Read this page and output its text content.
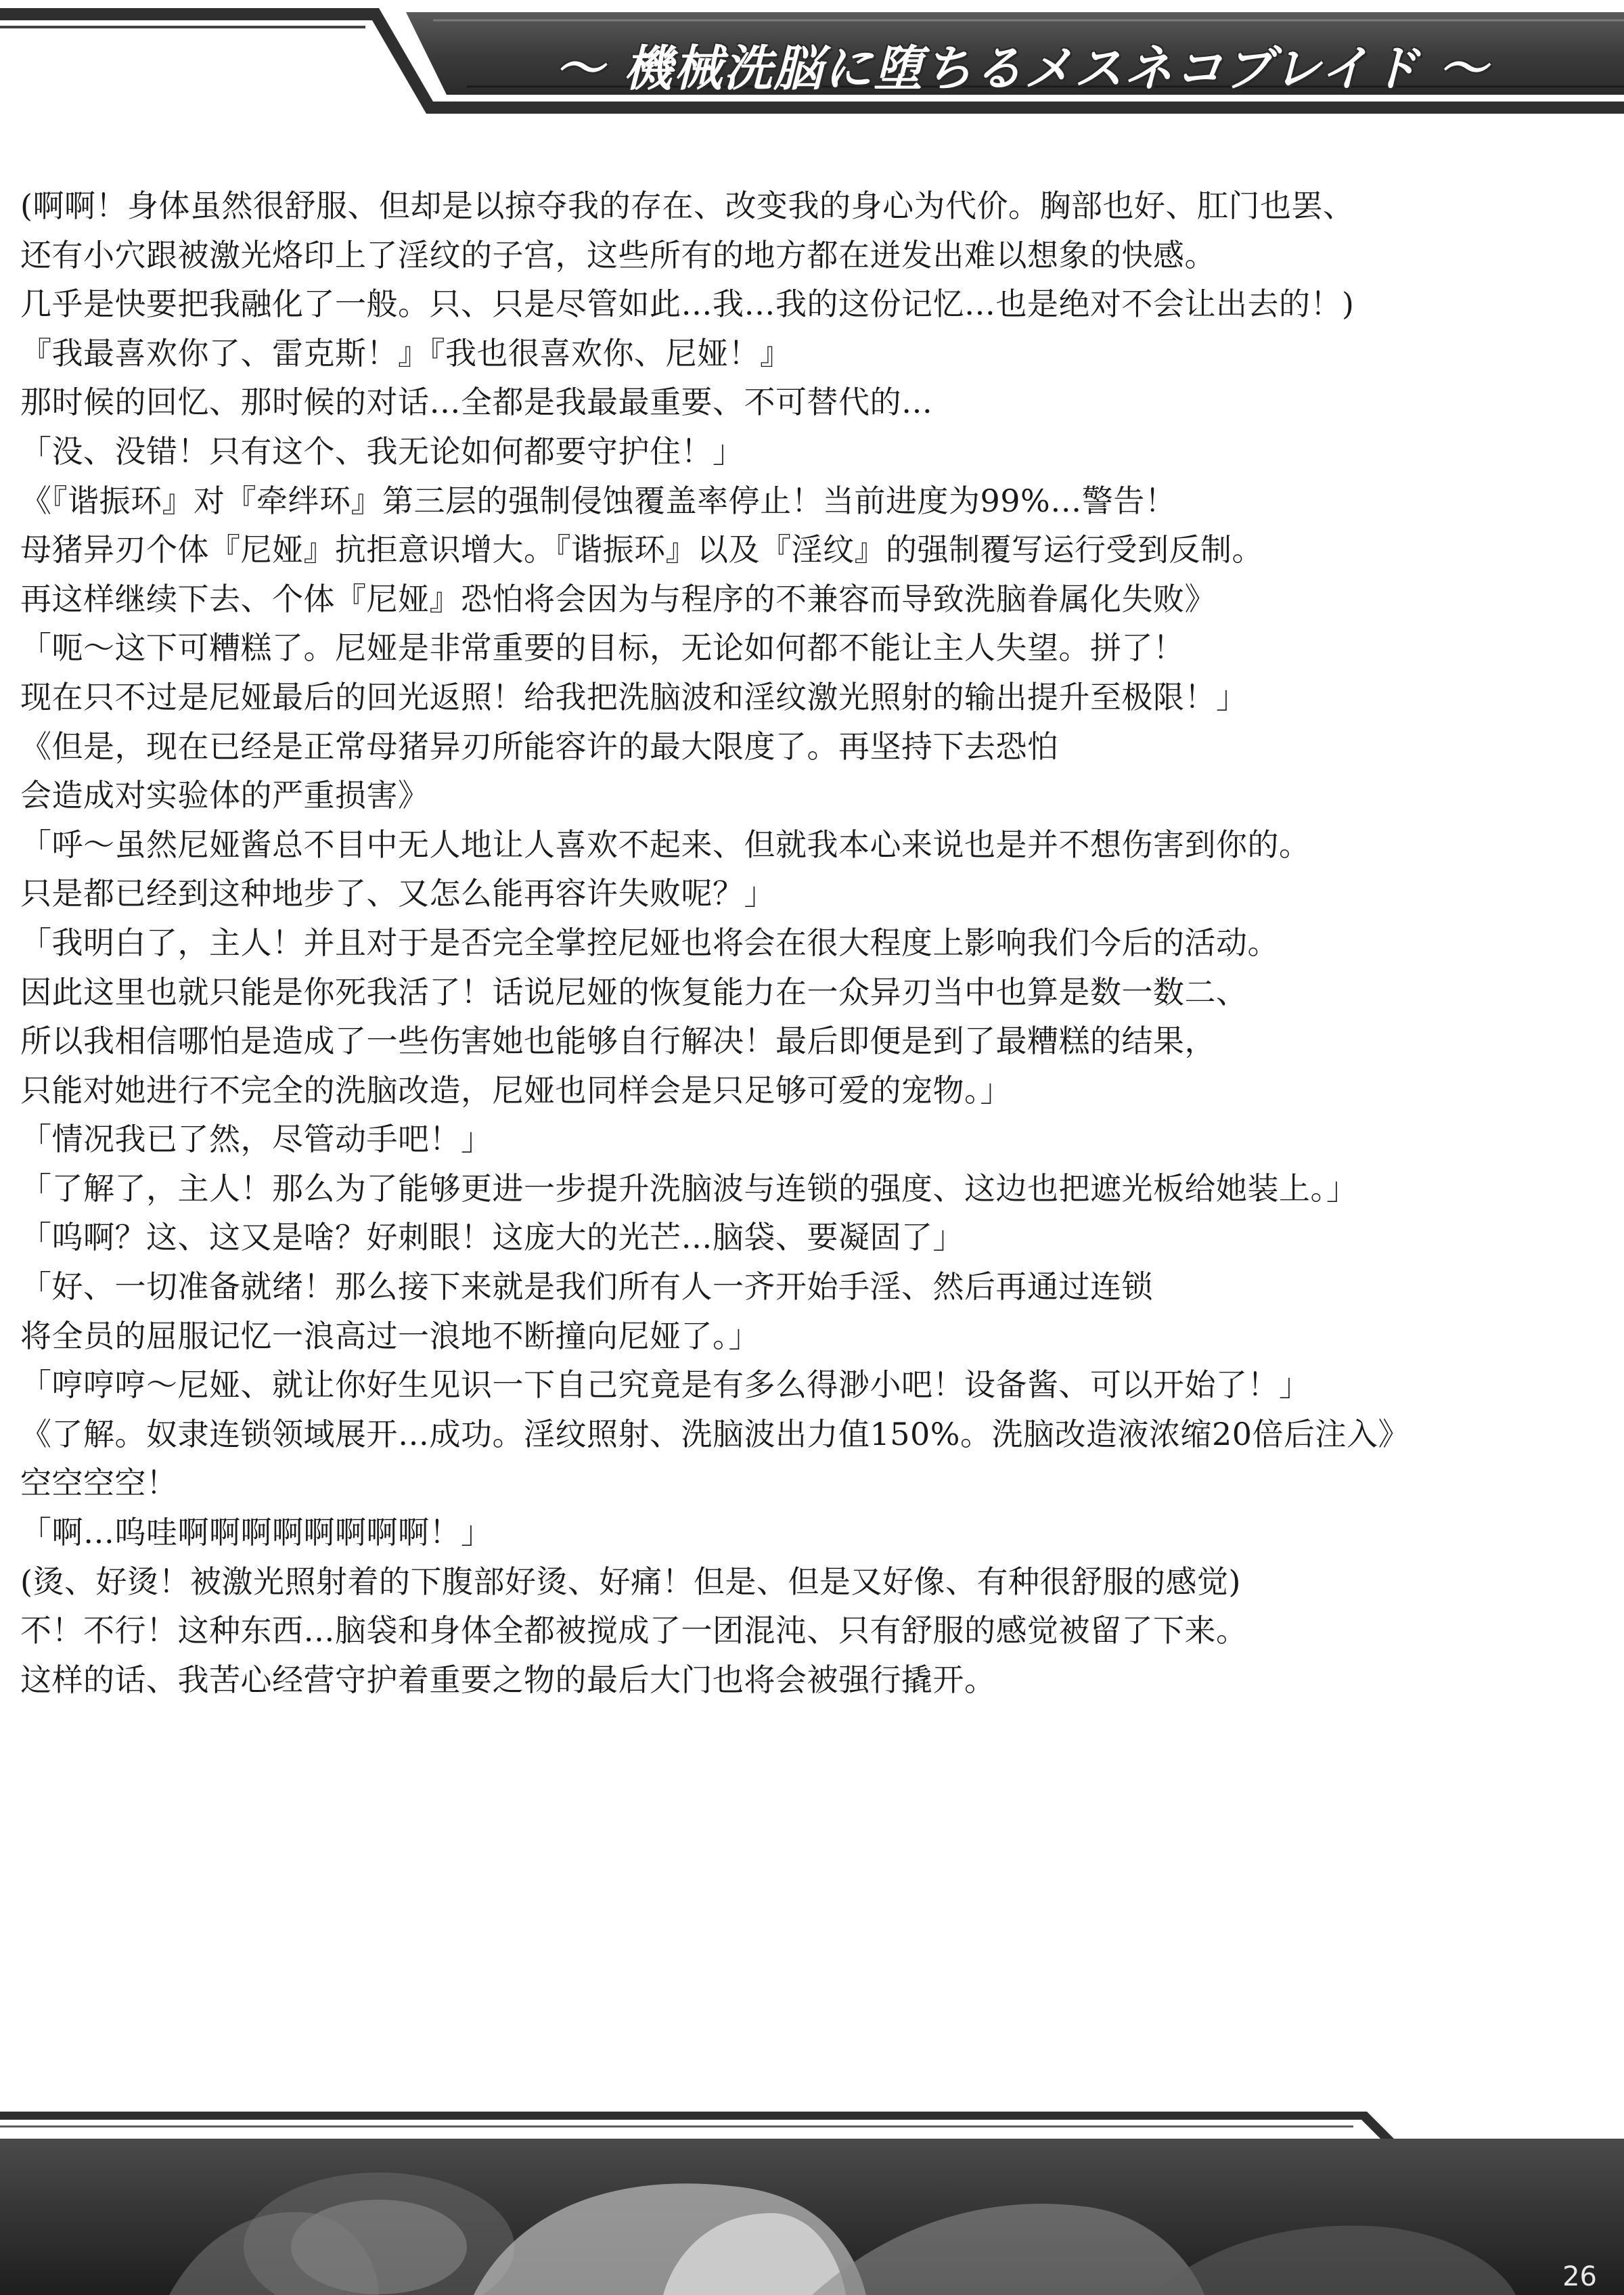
～ 機械洗脳に堕ちるメスネコブレイド ～
(啊啊！身体虽然很舒服、但却是以掠夺我的存在、改变我的身心为代价。胸部也好、肛门也罢、
还有小穴跟被激光烙印上了淫纹的子宫，这些所有的地方都在迸发出难以想象的快感。
几乎是快要把我融化了一般。只、只是尽管如此…我…我的这份记忆…也是绝对不会让出去的！)
『我最喜欢你了、雷克斯！』『我也很喜欢你、尼娅！』
那时候的回忆、那时候的对话…全都是我最最重要、不可替代的…
「没、没错！只有这个、我无论如何都要守护住！」
《『谐振环』对『牵绊环』第三层的强制侵蚀覆盖率停止！当前进度为99%…警告！
母猪异刃个体『尼娅』抗拒意识增大。『谐振环』以及『淫纹』的强制覆写运行受到反制。
再这样继续下去、个体『尼娅』恐怕将会因为与程序的不兼容而导致洗脑眷属化失败》
「呃～这下可糟糕了。尼娅是非常重要的目标，无论如何都不能让主人失望。拼了！
现在只不过是尼娅最后的回光返照！给我把洗脑波和淫纹激光照射的输出提升至极限！」
《但是，现在已经是正常母猪异刃所能容许的最大限度了。再坚持下去恐怕
会造成对实验体的严重损害》
「呼～虽然尼娅酱总不目中无人地让人喜欢不起来、但就我本心来说也是并不想伤害到你的。
只是都已经到这种地步了、又怎么能再容许失败呢？」
「我明白了，主人！并且对于是否完全掌控尼娅也将会在很大程度上影响我们今后的活动。
因此这里也就只能是你死我活了！话说尼娅的恢复能力在一众异刃当中也算是数一数二、
所以我相信哪怕是造成了一些伤害她也能够自行解决！最后即便是到了最糟糕的结果，
只能对她进行不完全的洗脑改造，尼娅也同样会是只足够可爱的宠物。」
「情况我已了然，尽管动手吧！」
「了解了，主人！那么为了能够更进一步提升洗脑波与连锁的强度、这边也把遮光板给她装上。」
「呜啊？这、这又是啥？好刺眼！这庞大的光芒…脑袋、要凝固了」
「好、一切准备就绪！那么接下来就是我们所有人一齐开始手淫、然后再通过连锁
将全员的屈服记忆一浪高过一浪地不断撞向尼娅了。」
「哼哼哼～尼娅、就让你好生见识一下自己究竟是有多么得渺小吧！设备酱、可以开始了！」
《了解。奴隶连锁领域展开…成功。淫纹照射、洗脑波出力值150%。洗脑改造液浓缩20倍后注入》
空空空空！
「啊…呜哇啊啊啊啊啊啊啊啊！」
(烫、好烫！被激光照射着的下腹部好烫、好痛！但是、但是又好像、有种很舒服的感觉)
不！不行！这种东西…脑袋和身体全都被搅成了一团混沌、只有舒服的感觉被留了下来。
这样的话、我苦心经营守护着重要之物的最后大门也将会被强行撬开。
26
